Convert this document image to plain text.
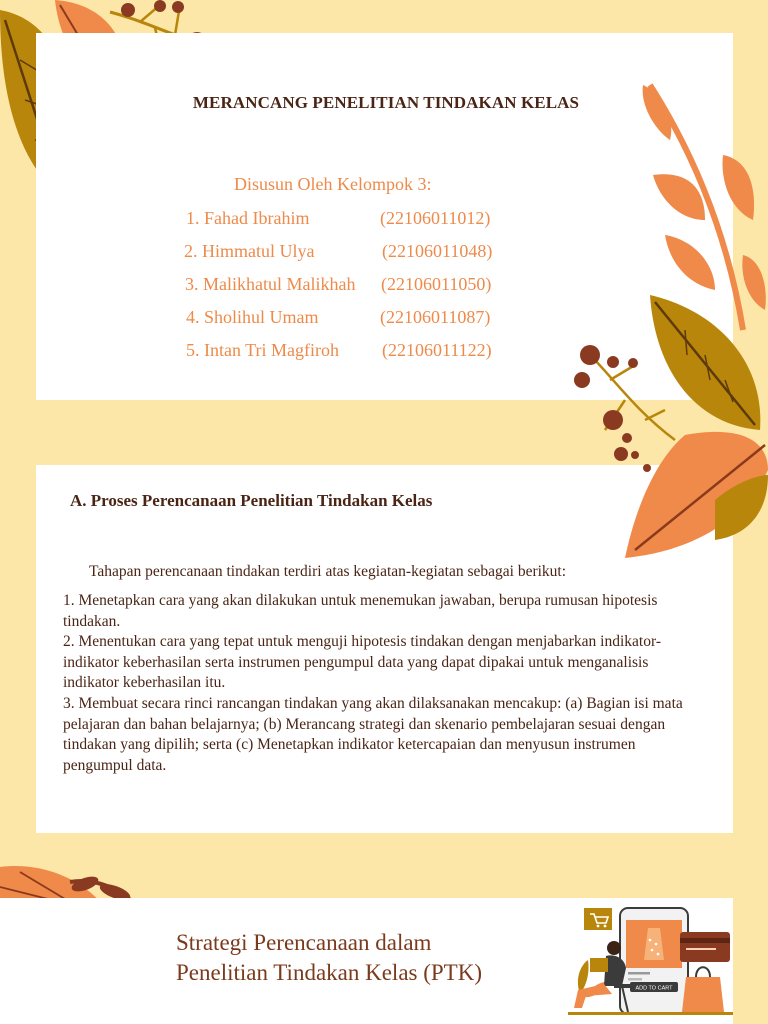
MERANCANG PENELITIAN TINDAKAN KELAS
Disusun Oleh Kelompok 3:
1. Fahad Ibrahim	(22106011012)
2. Himmatul Ulya	(22106011048)
3. Malikhatul Malikhah (22106011050)
4. Sholihul Umam	(22106011087)
5. Intan Tri Magfiroh (22106011122)
A. Proses Perencanaan Penelitian Tindakan Kelas
Tahapan perencanaan tindakan terdiri atas kegiatan-kegiatan sebagai berikut:

1. Menetapkan cara yang akan dilakukan untuk menemukan jawaban, berupa rumusan hipotesis tindakan.

2. Menentukan cara yang tepat untuk menguji hipotesis tindakan dengan menjabarkan indikator-indikator keberhasilan serta instrumen pengumpul data yang dapat dipakai untuk menganalisis indikator keberhasilan itu.

3. Membuat secara rinci rancangan tindakan yang akan dilaksanakan mencakup: (a) Bagian isi mata pelajaran dan bahan belajarnya; (b) Merancang strategi dan skenario pembelajaran sesuai dengan tindakan yang dipilih; serta (c) Menetapkan indikator ketercapaian dan menyusun instrumen pengumpul data.

Strategi Perencanaan dalam
Penelitian Tindakan Kelas (PTK)
ADD TO CART
